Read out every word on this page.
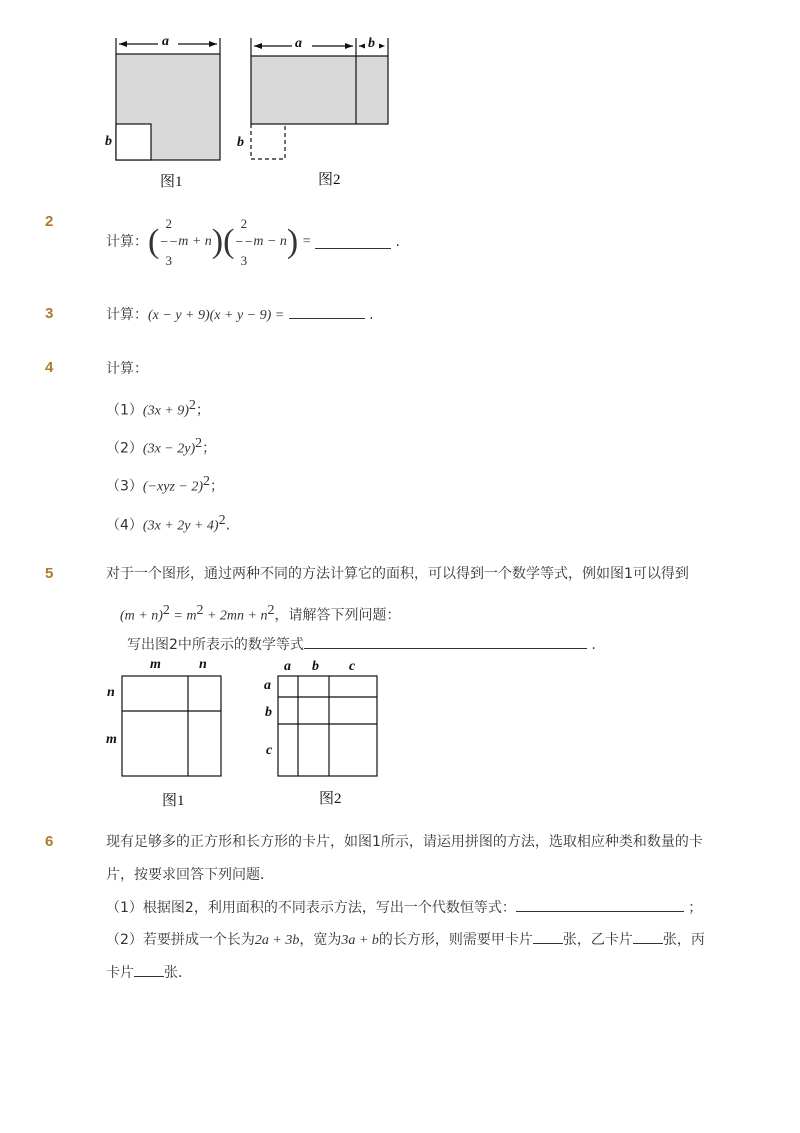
a
b
图1
a	b
b
图2
2
计算：( 2
−−
3m + n)( 2
−−
3m − n) =	.
3	计算：(x − y + 9)(x + y − 9) =	.
4	计算：
$(1)(3x + 9)^2$；
$(2)(3x - 2y)^2$；
$(3)(-xyz - 2)^2$；
$(4)(3x + 2y + 4)^2$.
5	对于一个图形，通过两种不同的方法计算它的面积，可以得到一个数学等式，例如图1可以得到
$(m + n)^2 = m^2 + 2mn + n^2$，请解答下列问题：
写出图2中所表示的数学等式	.
m	n
n
m
图1
a b c
a
b
c
图2
6	现有足够多的正方形和长方形的卡片，如图1所示，请运用拼图的方法，选取相应种类和数量的卡
片，按要求回答下列问题．
（1）根据图2，利用面积的不同表示方法，写出一个代数恒等式：	；
（2）若要拼成一个长为2a + 3b，宽为3a + b的长方形，则需要甲卡片 张，乙卡片 张，丙
卡片 张．
